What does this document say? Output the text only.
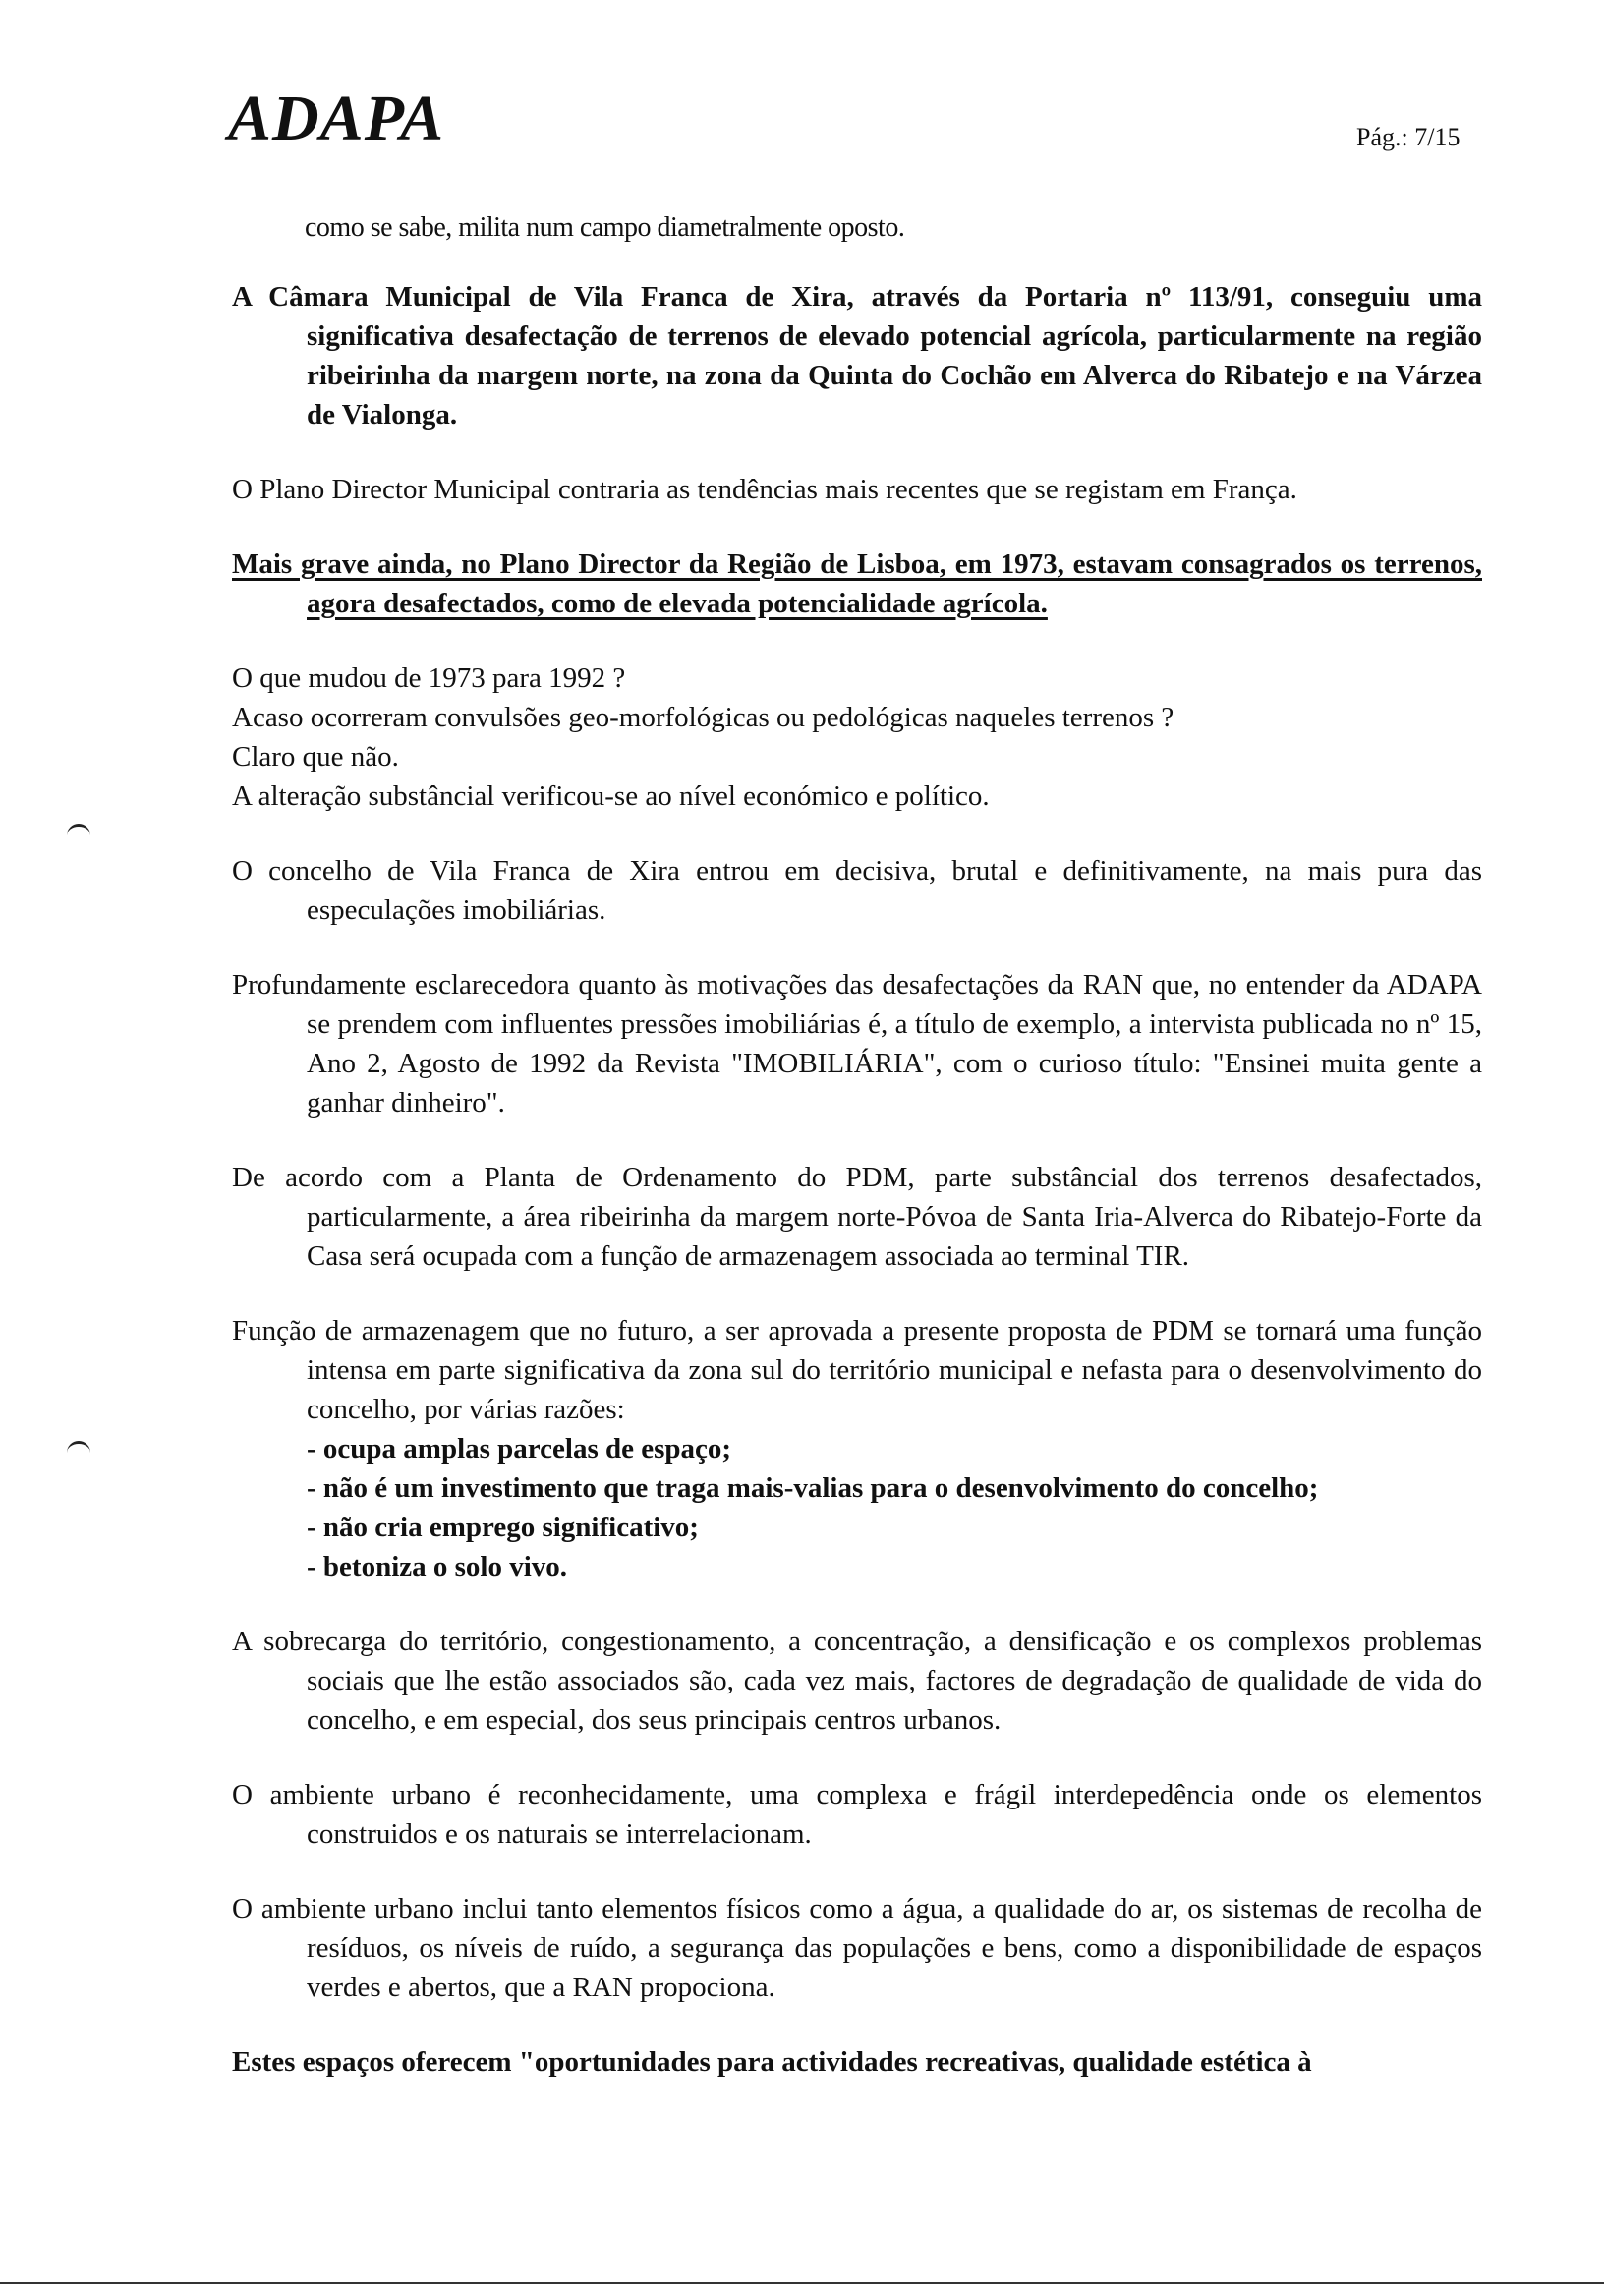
ADAPA	Pág.: 7/15

como se sabe, milita num campo diametralmente oposto.

A Câmara Municipal de Vila Franca de Xira, através da Portaria nº 113/91, conseguiu uma significativa desafectação de terrenos de elevado potencial agrícola, particularmente na região ribeirinha da margem norte, na zona da Quinta do Cochão em Alverca do Ribatejo e na Várzea de Vialonga.

O Plano Director Municipal contraria as tendências mais recentes que se registam em França.

Mais grave ainda, no Plano Director da Região de Lisboa, em 1973, estavam consagrados os terrenos, agora desafectados, como de elevada potencialidade agrícola.

O que mudou de 1973 para 1992 ?

Acaso ocorreram convulsões geo-morfológicas ou pedológicas naqueles terrenos ?

Claro que não.

A alteração substâncial verificou-se ao nível económico e político.

O concelho de Vila Franca de Xira entrou em decisiva, brutal e definitivamente, na mais pura das especulações imobiliárias.

Profundamente esclarecedora quanto às motivações das desafectações da RAN que, no entender da ADAPA se prendem com influentes pressões imobiliárias é, a título de exemplo, a intervista publicada no nº 15, Ano 2, Agosto de 1992 da Revista "IMOBILIÁRIA", com o curioso título: "Ensinei muita gente a ganhar dinheiro".

De acordo com a Planta de Ordenamento do PDM, parte substâncial dos terrenos desafectados, particularmente, a área ribeirinha da margem norte-Póvoa de Santa Iria-Alverca do Ribatejo-Forte da Casa será ocupada com a função de armazenagem associada ao terminal TIR.

Função de armazenagem que no futuro, a ser aprovada a presente proposta de PDM se tornará uma função intensa em parte significativa da zona sul do território municipal e nefasta para o desenvolvimento do concelho, por várias razões:

- ocupa amplas parcelas de espaço;
- não é um investimento que traga mais-valias para o desenvolvimento do concelho;
- não cria emprego significativo;
- betoniza o solo vivo.

A sobrecarga do território, congestionamento, a concentração, a densificação e os complexos problemas sociais que lhe estão associados são, cada vez mais, factores de degradação de qualidade de vida do concelho, e em especial, dos seus principais centros urbanos.

O ambiente urbano é reconhecidamente, uma complexa e frágil interdepedência onde os elementos construidos e os naturais se interrelacionam.

O ambiente urbano inclui tanto elementos físicos como a água, a qualidade do ar, os sistemas de recolha de resíduos, os níveis de ruído, a segurança das populações e bens, como a disponibilidade de espaços verdes e abertos, que a RAN propociona.

Estes espaços oferecem "oportunidades para actividades recreativas, qualidade estética à
